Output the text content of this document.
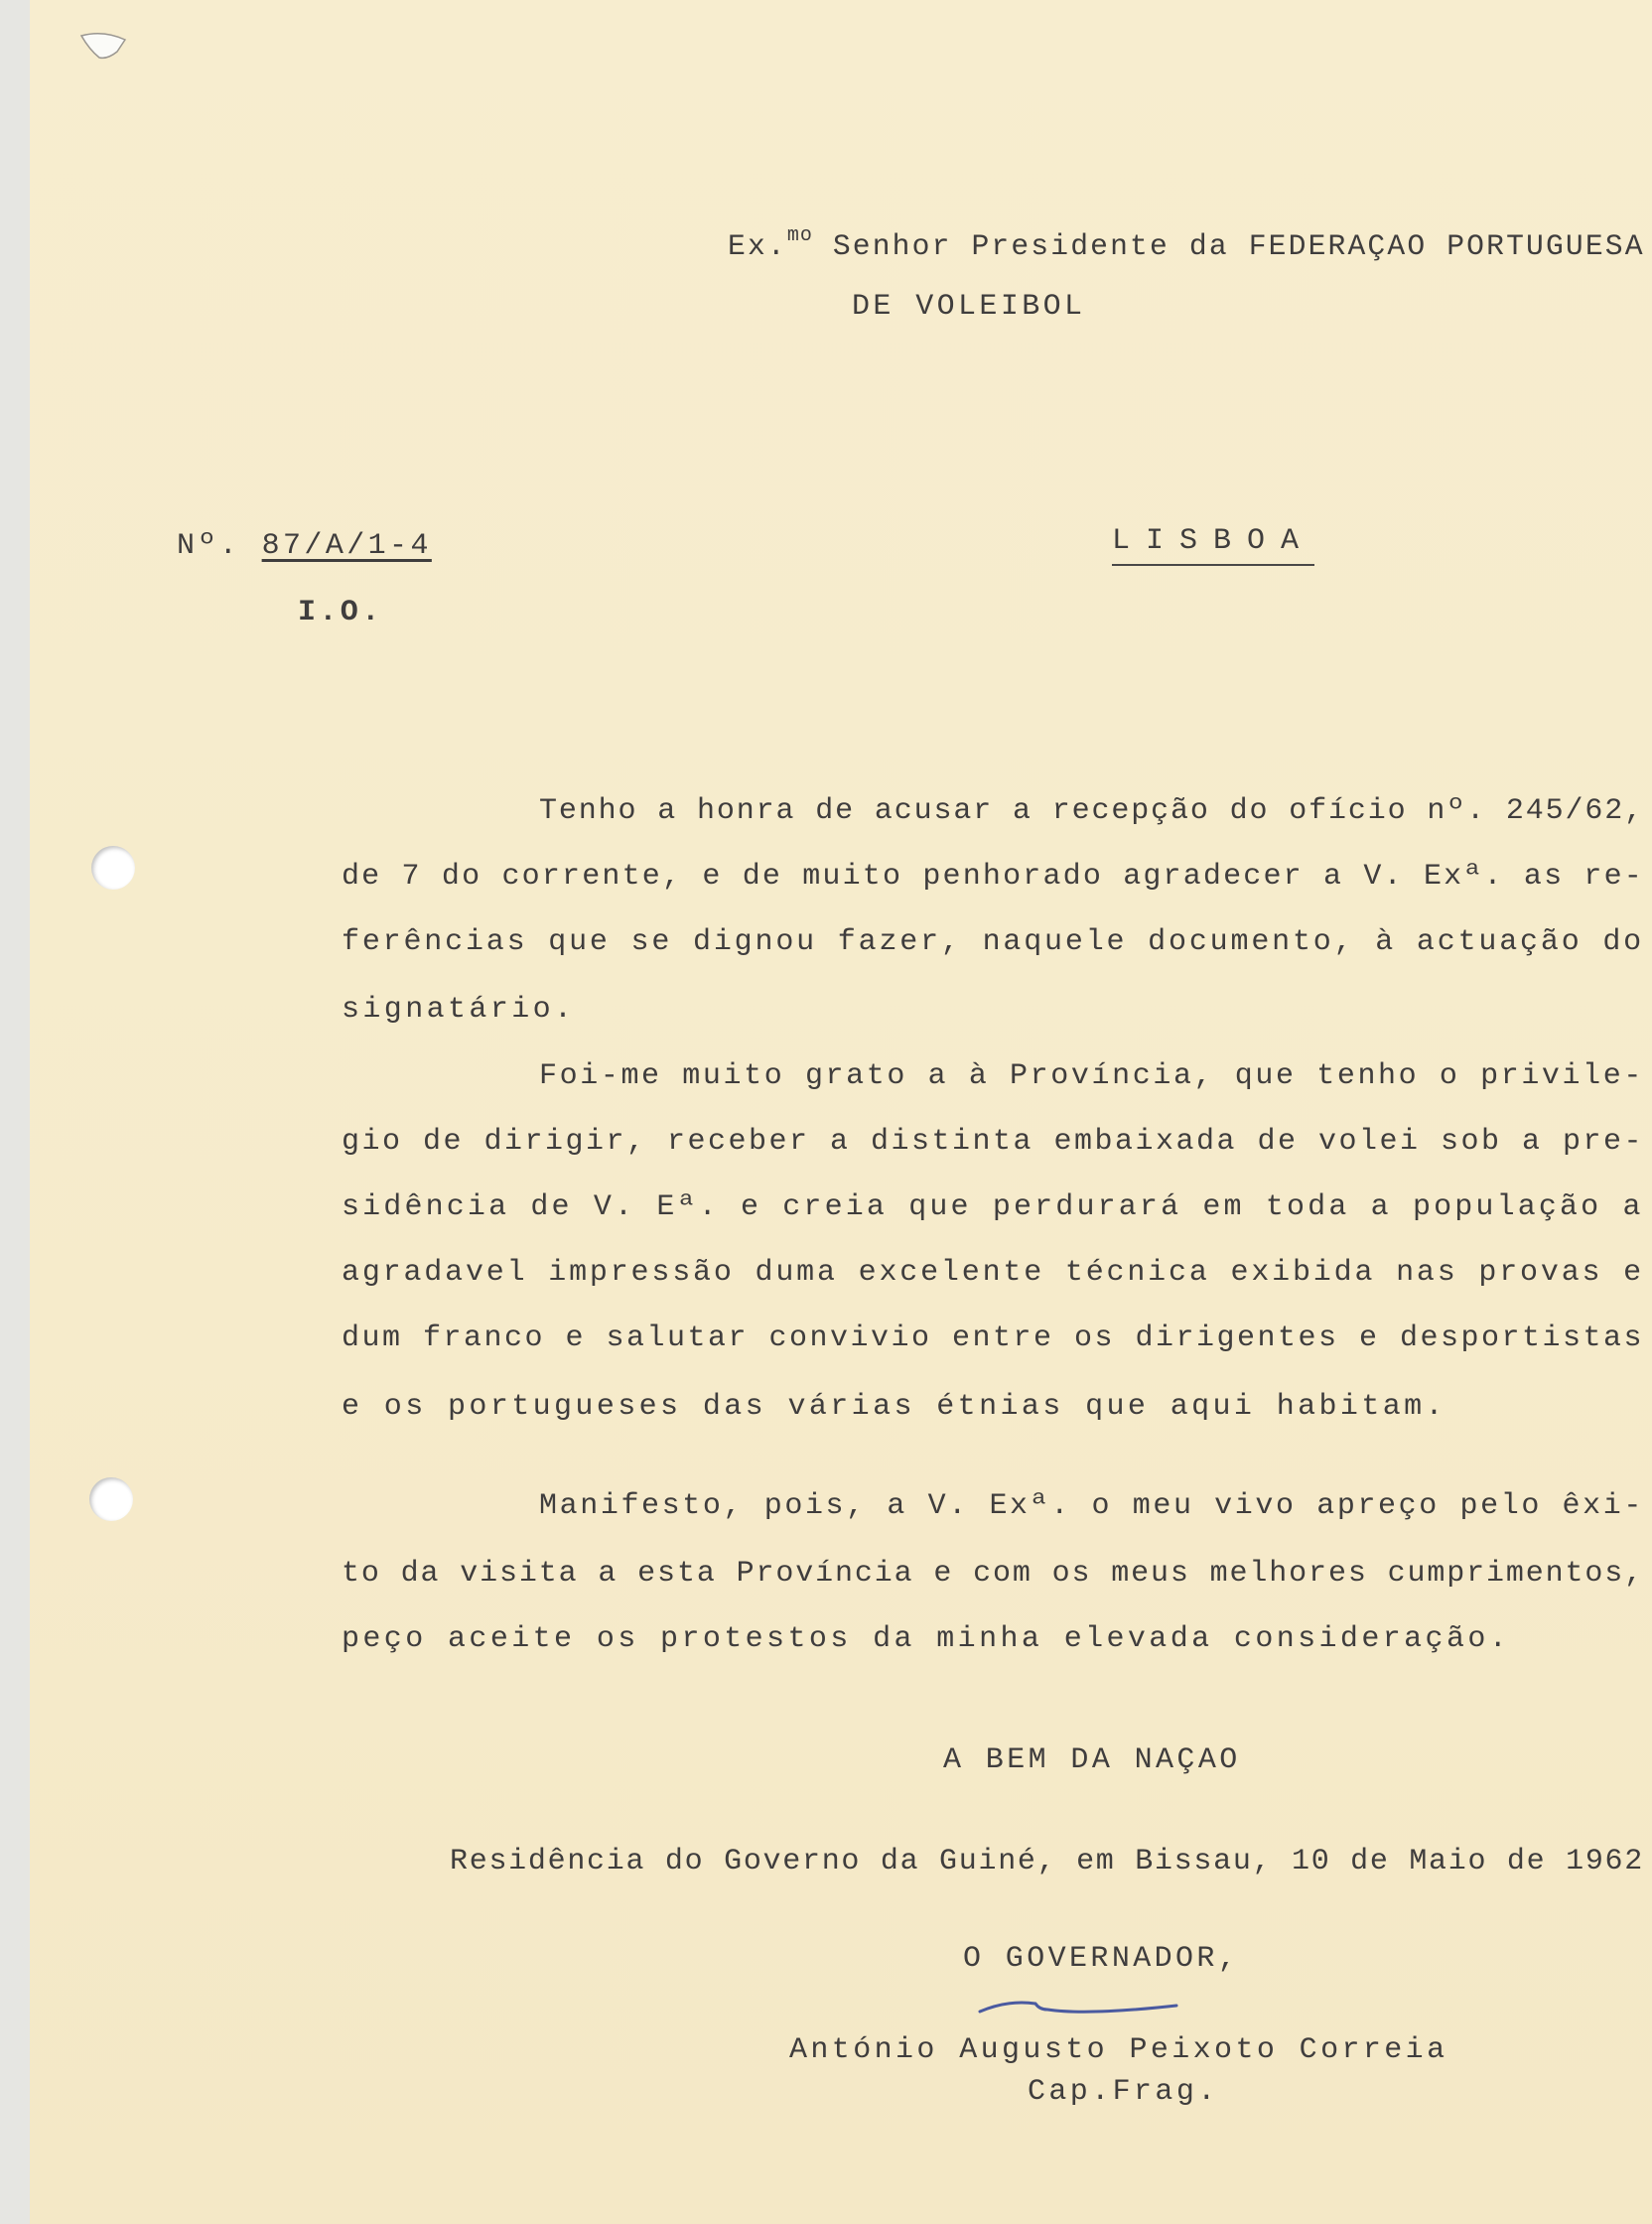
Ex.$^{mo}$ Senhor Presidente da FEDERAÇAO PORTUGUESA
DE VOLEIBOL
Nº. 87/A/1-4
I.O.
LISBOA
Tenho a honra de acusar a recepção do ofício nº. 245/62,
de 7 do corrente, e de muito penhorado agradecer a V. Exª. as re-
ferências que se dignou fazer, naquele documento, à actuação do
signatário.
Foi-me muito grato a à Província, que tenho o privile-
gio de dirigir, receber a distinta embaixada de volei sob a pre-
sidência de V. Eª. e creia que perdurará em toda a população a
agradavel impressão duma excelente técnica exibida nas provas e
dum franco e salutar convivio entre os dirigentes e desportistas
e os portugueses das várias étnias que aqui habitam.
Manifesto, pois, a V. Exª. o meu vivo apreço pelo êxi-
to da visita a esta Província e com os meus melhores cumprimentos,
peço aceite os protestos da minha elevada consideração.
A BEM DA NAÇAO
Residência do Governo da Guiné, em Bissau, 10 de Maio de 1962
O GOVERNADOR,
António Augusto Peixoto Correia
Cap.Frag.
